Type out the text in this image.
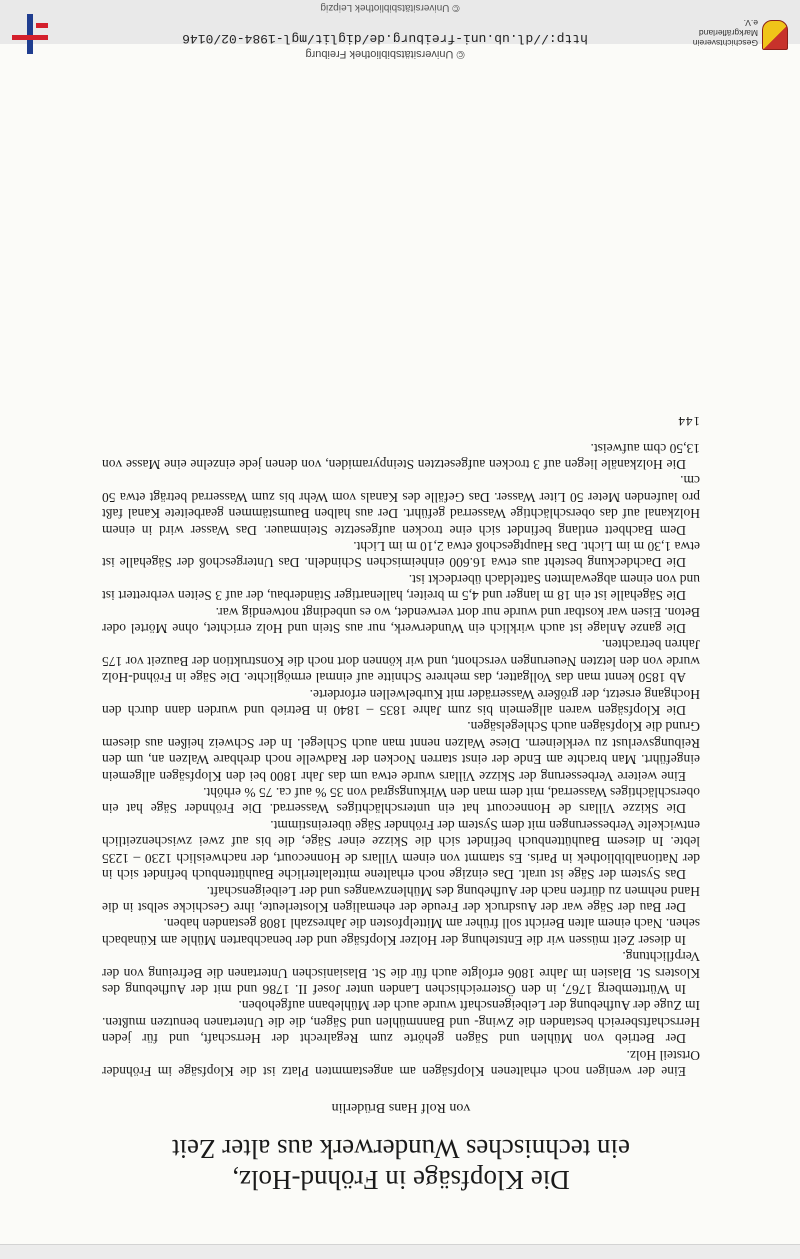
Die Klopfsäge in Fröhnd-Holz,
ein technisches Wunderwerk aus alter Zeit
von Rolf Hans Brüderlin

Eine der wenigen noch erhaltenen Klopfsägen am angestammten Platz ist die Klopfsäge im Fröhnder Ortsteil Holz.

Der Betrieb von Mühlen und Sägen gehörte zum Regalrecht der Herrschaft, und für jeden Herrschaftsbereich bestanden die Zwing- und Bannmühlen und Sägen, die die Untertanen benutzen mußten. Im Zuge der Aufhebung der Leibeigenschaft wurde auch der Mühlebann aufgehoben.

In Württemberg 1767, in den Österreichischen Landen unter Josef II. 1786 und mit der Aufhebung des Klosters St. Blasien im Jahre 1806 erfolgte auch für die St. Blasianischen Untertanen die Befreiung von der Verpflichtung.

In dieser Zeit müssen wir die Entstehung der Holzer Klopfsäge und der benachbarten Mühle am Künabach sehen. Nach einem alten Bericht soll früher am Mittelpfosten die Jahreszahl 1808 gestanden haben.

Der Bau der Säge war der Ausdruck der Freude der ehemaligen Klosterleute, ihre Geschicke selbst in die Hand nehmen zu dürfen nach der Aufhebung des Mühlenzwanges und der Leibeigenschaft.

Das System der Säge ist uralt. Das einzige noch erhaltene mittelalterliche Bauhüttenbuch befindet sich in der Nationalbibliothek in Paris. Es stammt von einem Villars de Honnecourt, der nachweislich 1230 – 1235 lebte. In diesem Bauhüttenbuch befindet sich die Skizze einer Säge, die bis auf zwei zwischenzeitlich entwickelte Verbesserungen mit dem System der Fröhnder Säge übereinstimmt.

Die Skizze Villars de Honnecourt hat ein unterschlächtiges Wasserrad. Die Fröhnder Säge hat ein oberschlächtiges Wasserrad, mit dem man den Wirkungsgrad von 35 % auf ca. 75 % erhöht.

Eine weitere Verbesserung der Skizze Villars wurde etwa um das Jahr 1800 bei den Klopfsägen allgemein eingeführt. Man brachte am Ende der einst starren Nocken der Radwelle noch drehbare Walzen an, um den Reibungsverlust zu verkleinern. Diese Walzen nennt man auch Schlegel. In der Schweiz heißen aus diesem Grund die Klopfsägen auch Schlegelsägen.

Die Klopfsägen waren allgemein bis zum Jahre 1835 – 1840 in Betrieb und wurden dann durch den Hochgang ersetzt, der größere Wasserräder mit Kurbelwellen erforderte.

Ab 1850 kennt man das Vollgatter, das mehrere Schnitte auf einmal ermöglichte. Die Säge in Fröhnd-Holz wurde von den letzten Neuerungen verschont, und wir können dort noch die Konstruktion der Bauzeit vor 175 Jahren betrachten.

Die ganze Anlage ist auch wirklich ein Wunderwerk, nur aus Stein und Holz errichtet, ohne Mörtel oder Beton. Eisen war kostbar und wurde nur dort verwendet, wo es unbedingt notwendig war.

Die Sägehalle ist ein 18 m langer und 4,5 m breiter, hallenartiger Ständerbau, der auf 3 Seiten verbrettert ist und von einem abgewalmten Satteldach überdeckt ist.

Die Dachdeckung besteht aus etwa 16.600 einheimischen Schindeln. Das Untergeschoß der Sägehalle ist etwa 1,30 m im Licht. Das Hauptgeschoß etwa 2,10 m im Licht.

Dem Bachbett entlang befindet sich eine trocken aufgesetzte Steinmauer. Das Wasser wird in einem Holzkanal auf das oberschlächtige Wasserrad geführt. Der aus halben Baumstämmen gearbeitete Kanal faßt pro laufenden Meter 50 Liter Wasser. Das Gefälle des Kanals vom Wehr bis zum Wasserrad beträgt etwa 50 cm.

Die Holzkanäle liegen auf 3 trocken aufgesetzten Steinpyramiden, von denen jede einzelne eine Masse von 13,50 cbm aufweist.

144
© Universitätsbibliothek Freiburg
http://dl.ub.uni-freiburg.de/diglit/mgl-1984-02/0146	Geschichtsverein Markgräflerland e.V.
© Universitätsbibliothek Leipzig
